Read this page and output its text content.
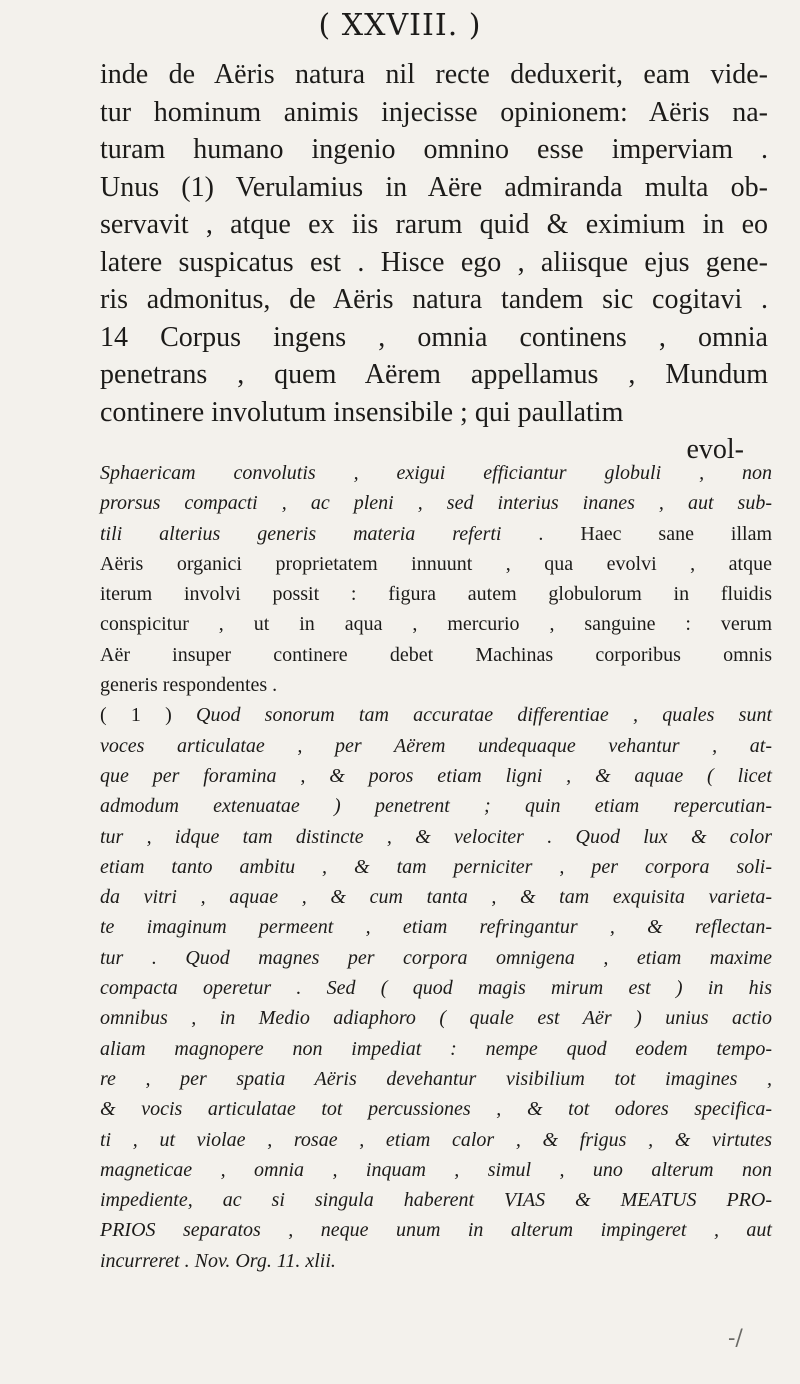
( XXVIII. )
inde de Aëris natura nil recte deduxerit, eam vide-
tur hominum animis injecisse opinionem: Aëris na-
turam humano ingenio omnino esse imperviam .
Unus (1) Verulamius in Aëre admiranda multa ob-
servavit , atque ex iis rarum quid & eximium in eo
latere suspicatus est . Hisce ego , aliisque ejus gene-
ris admonitus, de Aëris natura tandem sic cogitavi .
14 Corpus ingens , omnia continens , omnia
penetrans , quem Aërem appellamus , Mundum
continere involutum insensibile ; qui paullatim
evol-
Sphaericam convolutis , exigui efficiantur globuli , non
prorsus compacti , ac pleni , sed interius inanes , aut sub-
tili alterius generis materia referti . Haec sane illam
Aëris organici proprietatem innuunt , qua evolvi , atque
iterum involvi possit : figura autem globulorum in fluidis
conspicitur , ut in aqua , mercurio , sanguine : verum
Aër insuper continere debet Machinas corporibus omnis
generis respondentes .
( 1 ) Quod sonorum tam accuratae differentiae , quales sunt
voces articulatae , per Aërem undequaque vehantur , at-
que per foramina , & poros etiam ligni , & aquae ( licet
admodum extenuatae ) penetrent ; quin etiam repercutian-
tur , idque tam distincte , & velociter . Quod lux & color
etiam tanto ambitu , & tam perniciter , per corpora soli-
da vitri , aquae , & cum tanta , & tam exquisita varieta-
te imaginum permeent , etiam refringantur , & reflectan-
tur . Quod magnes per corpora omnigena , etiam maxime
compacta operetur . Sed ( quod magis mirum est ) in his
omnibus , in Medio adiaphoro ( quale est Aër ) unius actio
aliam magnopere non impediat : nempe quod eodem tempo-
re , per spatia Aëris devehantur visibilium tot imagines ,
& vocis articulatae tot percussiones , & tot odores specifica-
ti , ut violae , rosae , etiam calor , & frigus , & virtutes
magneticae , omnia , inquam , simul , uno alterum non
impediente, ac si singula haberent VIAS & MEATUS PRO-
PRIOS separatos , neque unum in alterum impingeret , aut
incurreret . Nov. Org. 11. xlii.
-/
